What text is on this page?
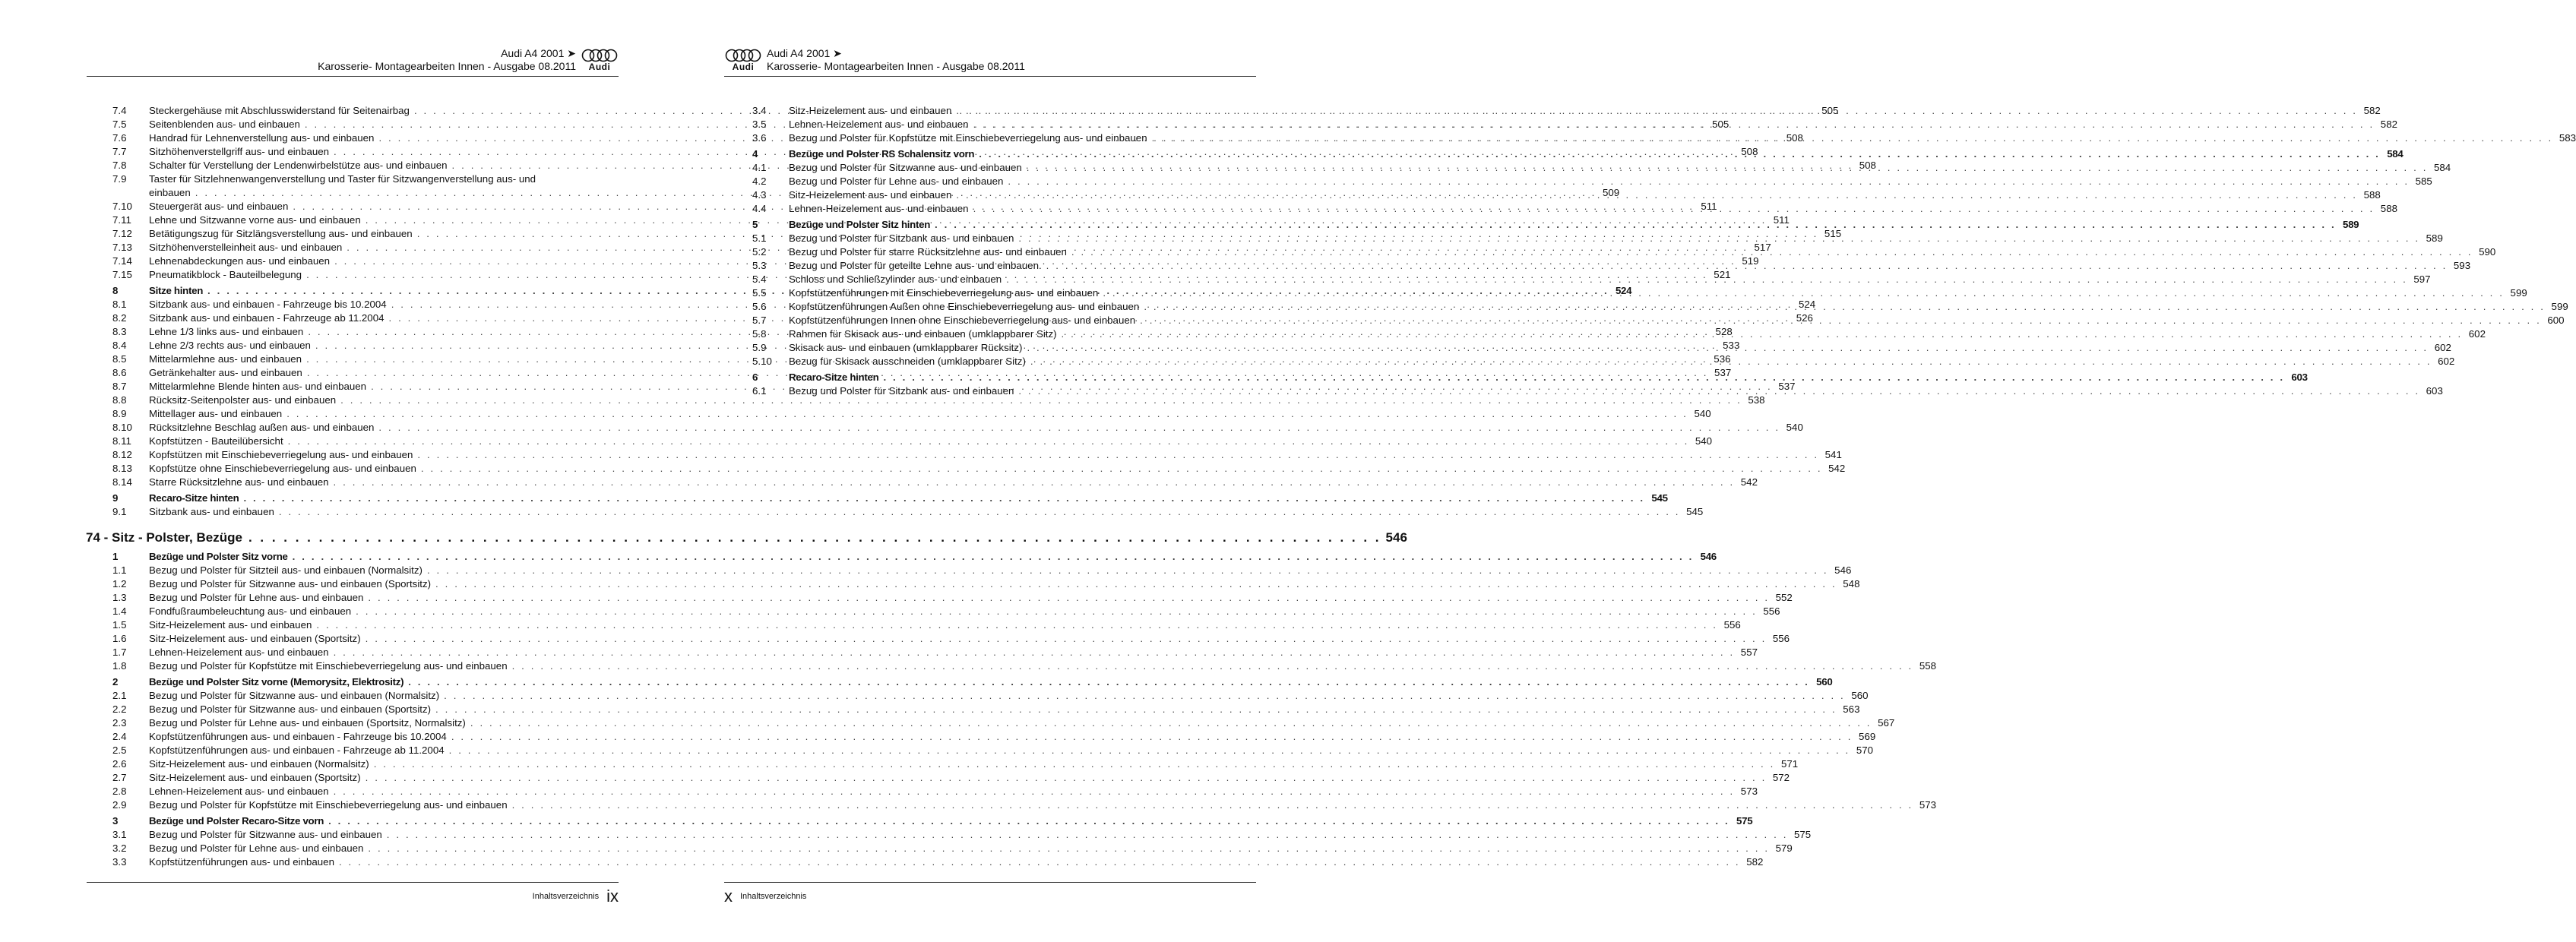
Audi A4 2001 ➤
Karosserie- Montagearbeiten Innen - Ausgabe 08.2011 Audi
7.4	Steckergehäuse mit Abschlusswiderstand für Seitenairbag . . .	505
7.5	Seitenblenden aus- und einbauen . . .	505
7.6	Handrad für Lehnenverstellung aus- und einbauen . . .	508
7.7	Sitzhöhenverstellgriff aus- und einbauen . . .	508
7.8	Schalter für Verstellung der Lendenwirbelstütze aus- und einbauen . . .	508
7.9	Taster für Sitzlehnenwangenverstellung und Taster für Sitzwangenverstellung aus- und
einbauen . . .	509
7.10	Steuergerät aus- und einbauen . . .	511
7.11	Lehne und Sitzwanne vorne aus- und einbauen . . .	511
7.12	Betätigungszug für Sitzlängsverstellung aus- und einbauen . . .	515
7.13	Sitzhöhenverstelleinheit aus- und einbauen . . .	517
7.14	Lehnenabdeckungen aus- und einbauen . . .	519
7.15	Pneumatikblock - Bauteilbelegung . . .	521
8	Sitze hinten . . .	524
8.1	Sitzbank aus- und einbauen - Fahrzeuge bis 10.2004 . . .	524
8.2	Sitzbank aus- und einbauen - Fahrzeuge ab 11.2004 . . .	526
8.3	Lehne 1/3 links aus- und einbauen . . .	528
8.4	Lehne 2/3 rechts aus- und einbauen . . .	533
8.5	Mittelarmlehne aus- und einbauen . . .	536
8.6	Getränkehalter aus- und einbauen . . .	537
8.7	Mittelarmlehne Blende hinten aus- und einbauen . . .	537
8.8	Rücksitz-Seitenpolster aus- und einbauen . . .	538
8.9	Mittellager aus- und einbauen . . .	540
8.10	Rücksitzlehne Beschlag außen aus- und einbauen . . .	540
8.11	Kopfstützen - Bauteilübersicht . . .	540
8.12	Kopfstützen mit Einschiebeverriegelung aus- und einbauen . . .	541
8.13	Kopfstütze ohne Einschiebeverriegelung aus- und einbauen . . .	542
8.14	Starre Rücksitzlehne aus- und einbauen . . .	542
9	Recaro-Sitze hinten . . .	545
9.1	Sitzbank aus- und einbauen . . .	545
74 - Sitz - Polster, Bezüge . . .	546
1	Bezüge und Polster Sitz vorne . . .	546
1.1	Bezug und Polster für Sitzteil aus- und einbauen (Normalsitz) . . .	546
1.2	Bezug und Polster für Sitzwanne aus- und einbauen (Sportsitz) . . .	548
1.3	Bezug und Polster für Lehne aus- und einbauen . . .	552
1.4	Fondfußraumbeleuchtung aus- und einbauen . . .	556
1.5	Sitz-Heizelement aus- und einbauen . . .	556
1.6	Sitz-Heizelement aus- und einbauen (Sportsitz) . . .	556
1.7	Lehnen-Heizelement aus- und einbauen . . .	557
1.8	Bezug und Polster für Kopfstütze mit Einschiebeverriegelung aus- und einbauen . . .	558
2	Bezüge und Polster Sitz vorne (Memorysitz, Elektrositz) . . .	560
2.1	Bezug und Polster für Sitzwanne aus- und einbauen (Normalsitz) . . .	560
2.2	Bezug und Polster für Sitzwanne aus- und einbauen (Sportsitz) . . .	563
2.3	Bezug und Polster für Lehne aus- und einbauen (Sportsitz, Normalsitz) . . .	567
2.4	Kopfstützenführungen aus- und einbauen - Fahrzeuge bis 10.2004 . . .	569
2.5	Kopfstützenführungen aus- und einbauen - Fahrzeuge ab 11.2004 . . .	570
2.6	Sitz-Heizelement aus- und einbauen (Normalsitz) . . .	571
2.7	Sitz-Heizelement aus- und einbauen (Sportsitz) . . .	572
2.8	Lehnen-Heizelement aus- und einbauen . . .	573
2.9	Bezug und Polster für Kopfstütze mit Einschiebeverriegelung aus- und einbauen . . .	573
3	Bezüge und Polster Recaro-Sitze vorn . . .	575
3.1	Bezug und Polster für Sitzwanne aus- und einbauen . . .	575
3.2	Bezug und Polster für Lehne aus- und einbauen . . .	579
3.3	Kopfstützenführungen aus- und einbauen . . .	582
Inhaltsverzeichnis ix
Audi
Audi A4 2001 ➤
Karosserie- Montagearbeiten Innen - Ausgabe 08.2011
3.4	Sitz-Heizelement aus- und einbauen . . .	582
3.5	Lehnen-Heizelement aus- und einbauen . . .	582
3.6	Bezug und Polster für Kopfstütze mit Einschiebeverriegelung aus- und einbauen . . .	583
4	Bezüge und Polster RS Schalensitz vorn . . .	584
4.1	Bezug und Polster für Sitzwanne aus- und einbauen . . .	584
4.2	Bezug und Polster für Lehne aus- und einbauen . . .	585
4.3	Sitz-Heizelement aus- und einbauen . . .	588
4.4	Lehnen-Heizelement aus- und einbauen . . .	588
5	Bezüge und Polster Sitz hinten . . .	589
5.1	Bezug und Polster für Sitzbank aus- und einbauen . . .	589
5.2	Bezug und Polster für starre Rücksitzlehne aus- und einbauen . . .	590
5.3	Bezug und Polster für geteilte Lehne aus- und einbauen. . . .	593
5.4	Schloss und Schließzylinder aus- und einbauen . . .	597
5.5	Kopfstützenführungen mit Einschiebeverriegelung aus- und einbauen . . .	599
5.6	Kopfstützenführungen Außen ohne Einschiebeverriegelung aus- und einbauen . . .	599
5.7	Kopfstützenführungen Innen ohne Einschiebeverriegelung aus- und einbauen . . .	600
5.8	Rahmen für Skisack aus- und einbauen (umklappbarer Sitz) . . .	602
5.9	Skisack aus- und einbauen (umklappbarer Rücksitz) . . .	602
5.10	Bezug für Skisack ausschneiden (umklappbarer Sitz) . . .	602
6	Recaro-Sitze hinten . . .	603
6.1	Bezug und Polster für Sitzbank aus- und einbauen . . .	603
x Inhaltsverzeichnis
